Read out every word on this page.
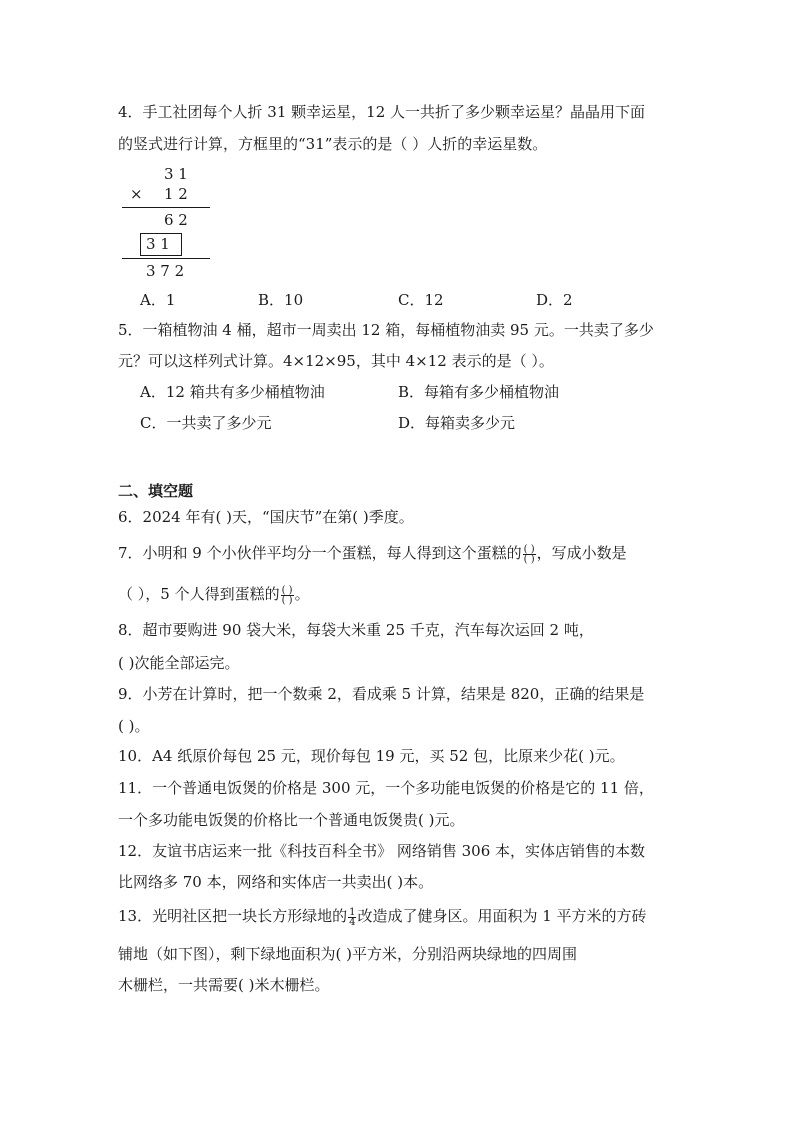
4．手工社团每个人折 31 颗幸运星，12 人一共折了多少颗幸运星？晶晶用下面
的竖式进行计算，方框里的“31”表示的是（ ）人折的幸运星数。
3 1
× 1 2
6 2
3 1
3 7 2
A．1	B．10	C．12	D．2
5．一箱植物油 4 桶，超市一周卖出 12 箱，每桶植物油卖 95 元。一共卖了多少
元？可以这样列式计算。4×12×95，其中 4×12 表示的是（ ）。
A．12 箱共有多少桶植物油	B．每箱有多少桶植物油
C．一共卖了多少元	D．每箱卖多少元
二、填空题
6．2024 年有( )天，“国庆节”在第( )季度。
7．小明和 9 个小伙伴平均分一个蛋糕，每人得到这个蛋糕的 $\frac{( )}{( )}$ ，写成小数是
（ ），5 个人得到蛋糕的 $\frac{( )}{( )}$ 。
8．超市要购进 90 袋大米，每袋大米重 25 千克，汽车每次运回 2 吨，
( )次能全部运完。
9．小芳在计算时，把一个数乘 2，看成乘 5 计算，结果是 820，正确的结果是
( )。
10．A4 纸原价每包 25 元，现价每包 19 元，买 52 包，比原来少花( )元。
11．一个普通电饭煲的价格是 300 元，一个多功能电饭煲的价格是它的 11 倍，
一个多功能电饭煲的价格比一个普通电饭煲贵( )元。
12．友谊书店运来一批《科技百科全书》 网络销售 306 本，实体店销售的本数
比网络多 70 本，网络和实体店一共卖出( )本。
13．光明社区把一块长方形绿地的 $\frac{1}{4}$ 改造成了健身区。用面积为 1 平方米的方砖
铺地（如下图），剩下绿地面积为( )平方米，分别沿两块绿地的四周围
木栅栏，一共需要( )米木栅栏。
